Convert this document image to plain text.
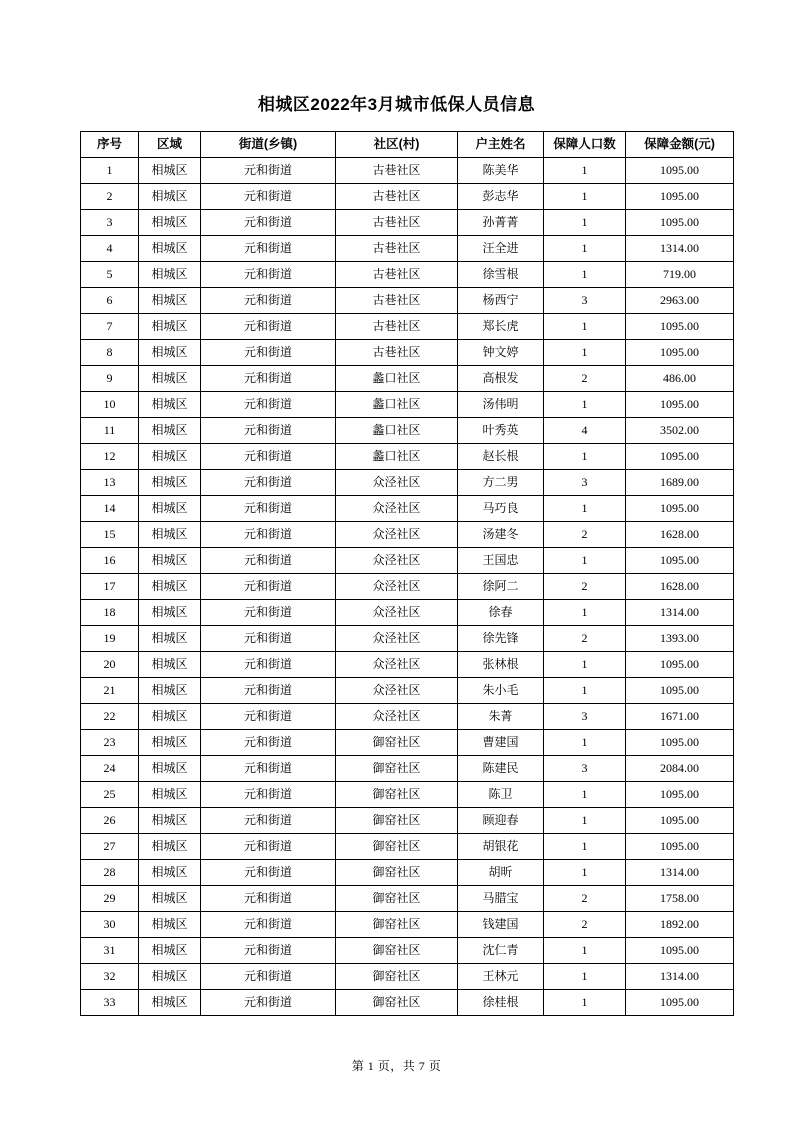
相城区2022年3月城市低保人员信息
序号	区域	街道(乡镇)	社区(村)	户主姓名	保障人口数	保障金额(元)
1	相城区	元和街道	古巷社区	陈美华	1	1095.00
2	相城区	元和街道	古巷社区	彭志华	1	1095.00
3	相城区	元和街道	古巷社区	孙菁菁	1	1095.00
4	相城区	元和街道	古巷社区	汪全进	1	1314.00
5	相城区	元和街道	古巷社区	徐雪根	1	719.00
6	相城区	元和街道	古巷社区	杨西宁	3	2963.00
7	相城区	元和街道	古巷社区	郑长虎	1	1095.00
8	相城区	元和街道	古巷社区	钟文婷	1	1095.00
9	相城区	元和街道	蠡口社区	高根发	2	486.00
10	相城区	元和街道	蠡口社区	汤伟明	1	1095.00
11	相城区	元和街道	蠡口社区	叶秀英	4	3502.00
12	相城区	元和街道	蠡口社区	赵长根	1	1095.00
13	相城区	元和街道	众泾社区	方二男	3	1689.00
14	相城区	元和街道	众泾社区	马巧良	1	1095.00
15	相城区	元和街道	众泾社区	汤建冬	2	1628.00
16	相城区	元和街道	众泾社区	王国忠	1	1095.00
17	相城区	元和街道	众泾社区	徐阿二	2	1628.00
18	相城区	元和街道	众泾社区	徐春	1	1314.00
19	相城区	元和街道	众泾社区	徐先锋	2	1393.00
20	相城区	元和街道	众泾社区	张林根	1	1095.00
21	相城区	元和街道	众泾社区	朱小毛	1	1095.00
22	相城区	元和街道	众泾社区	朱菁	3	1671.00
23	相城区	元和街道	御窑社区	曹建国	1	1095.00
24	相城区	元和街道	御窑社区	陈建民	3	2084.00
25	相城区	元和街道	御窑社区	陈卫	1	1095.00
26	相城区	元和街道	御窑社区	顾迎春	1	1095.00
27	相城区	元和街道	御窑社区	胡银花	1	1095.00
28	相城区	元和街道	御窑社区	胡昕	1	1314.00
29	相城区	元和街道	御窑社区	马腊宝	2	1758.00
30	相城区	元和街道	御窑社区	钱建国	2	1892.00
31	相城区	元和街道	御窑社区	沈仁青	1	1095.00
32	相城区	元和街道	御窑社区	王林元	1	1314.00
33	相城区	元和街道	御窑社区	徐桂根	1	1095.00
第 1 页，共 7 页
